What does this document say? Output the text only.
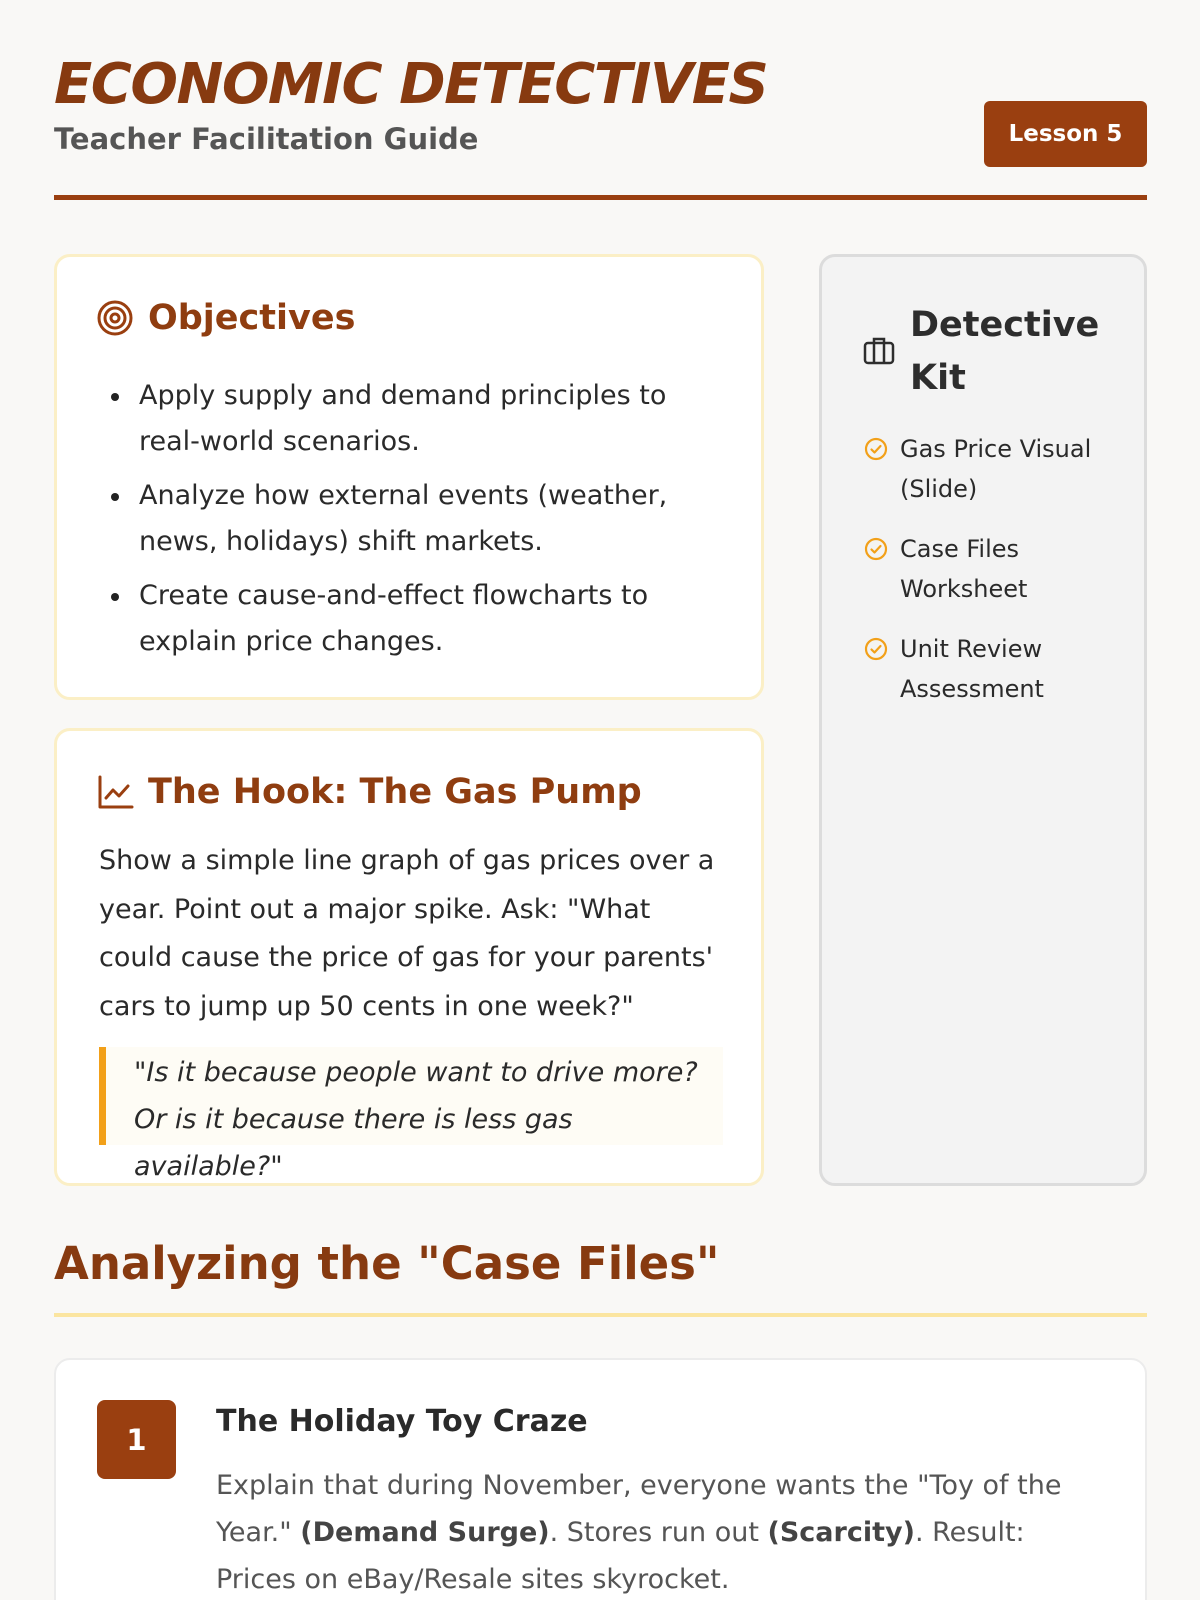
ECONOMIC DETECTIVES
Teacher Facilitation Guide	Lesson 5
Apply supply and demand principles to real-world scenarios.
Analyze how external events (weather, news, holidays) shift markets.
Create cause-and-effect flowcharts to explain price changes.
Objectives
Show a simple line graph of gas prices over a year. Point out a major spike. Ask: "What could cause the price of gas for your parents' cars to jump up 50 cents in one week?"
"Is it because people want to drive more? Or is it because there is less gas available?"
The Hook: The Gas Pump
Detective Kit
Gas Price Visual (Slide)
Case Files Worksheet
Unit Review Assessment
Analyzing the "Case Files"
1
The Holiday Toy Craze
Explain that during November, everyone wants the "Toy of the Year." (Demand Surge). Stores run out (Scarcity). Result: Prices on eBay/Resale sites skyrocket.
